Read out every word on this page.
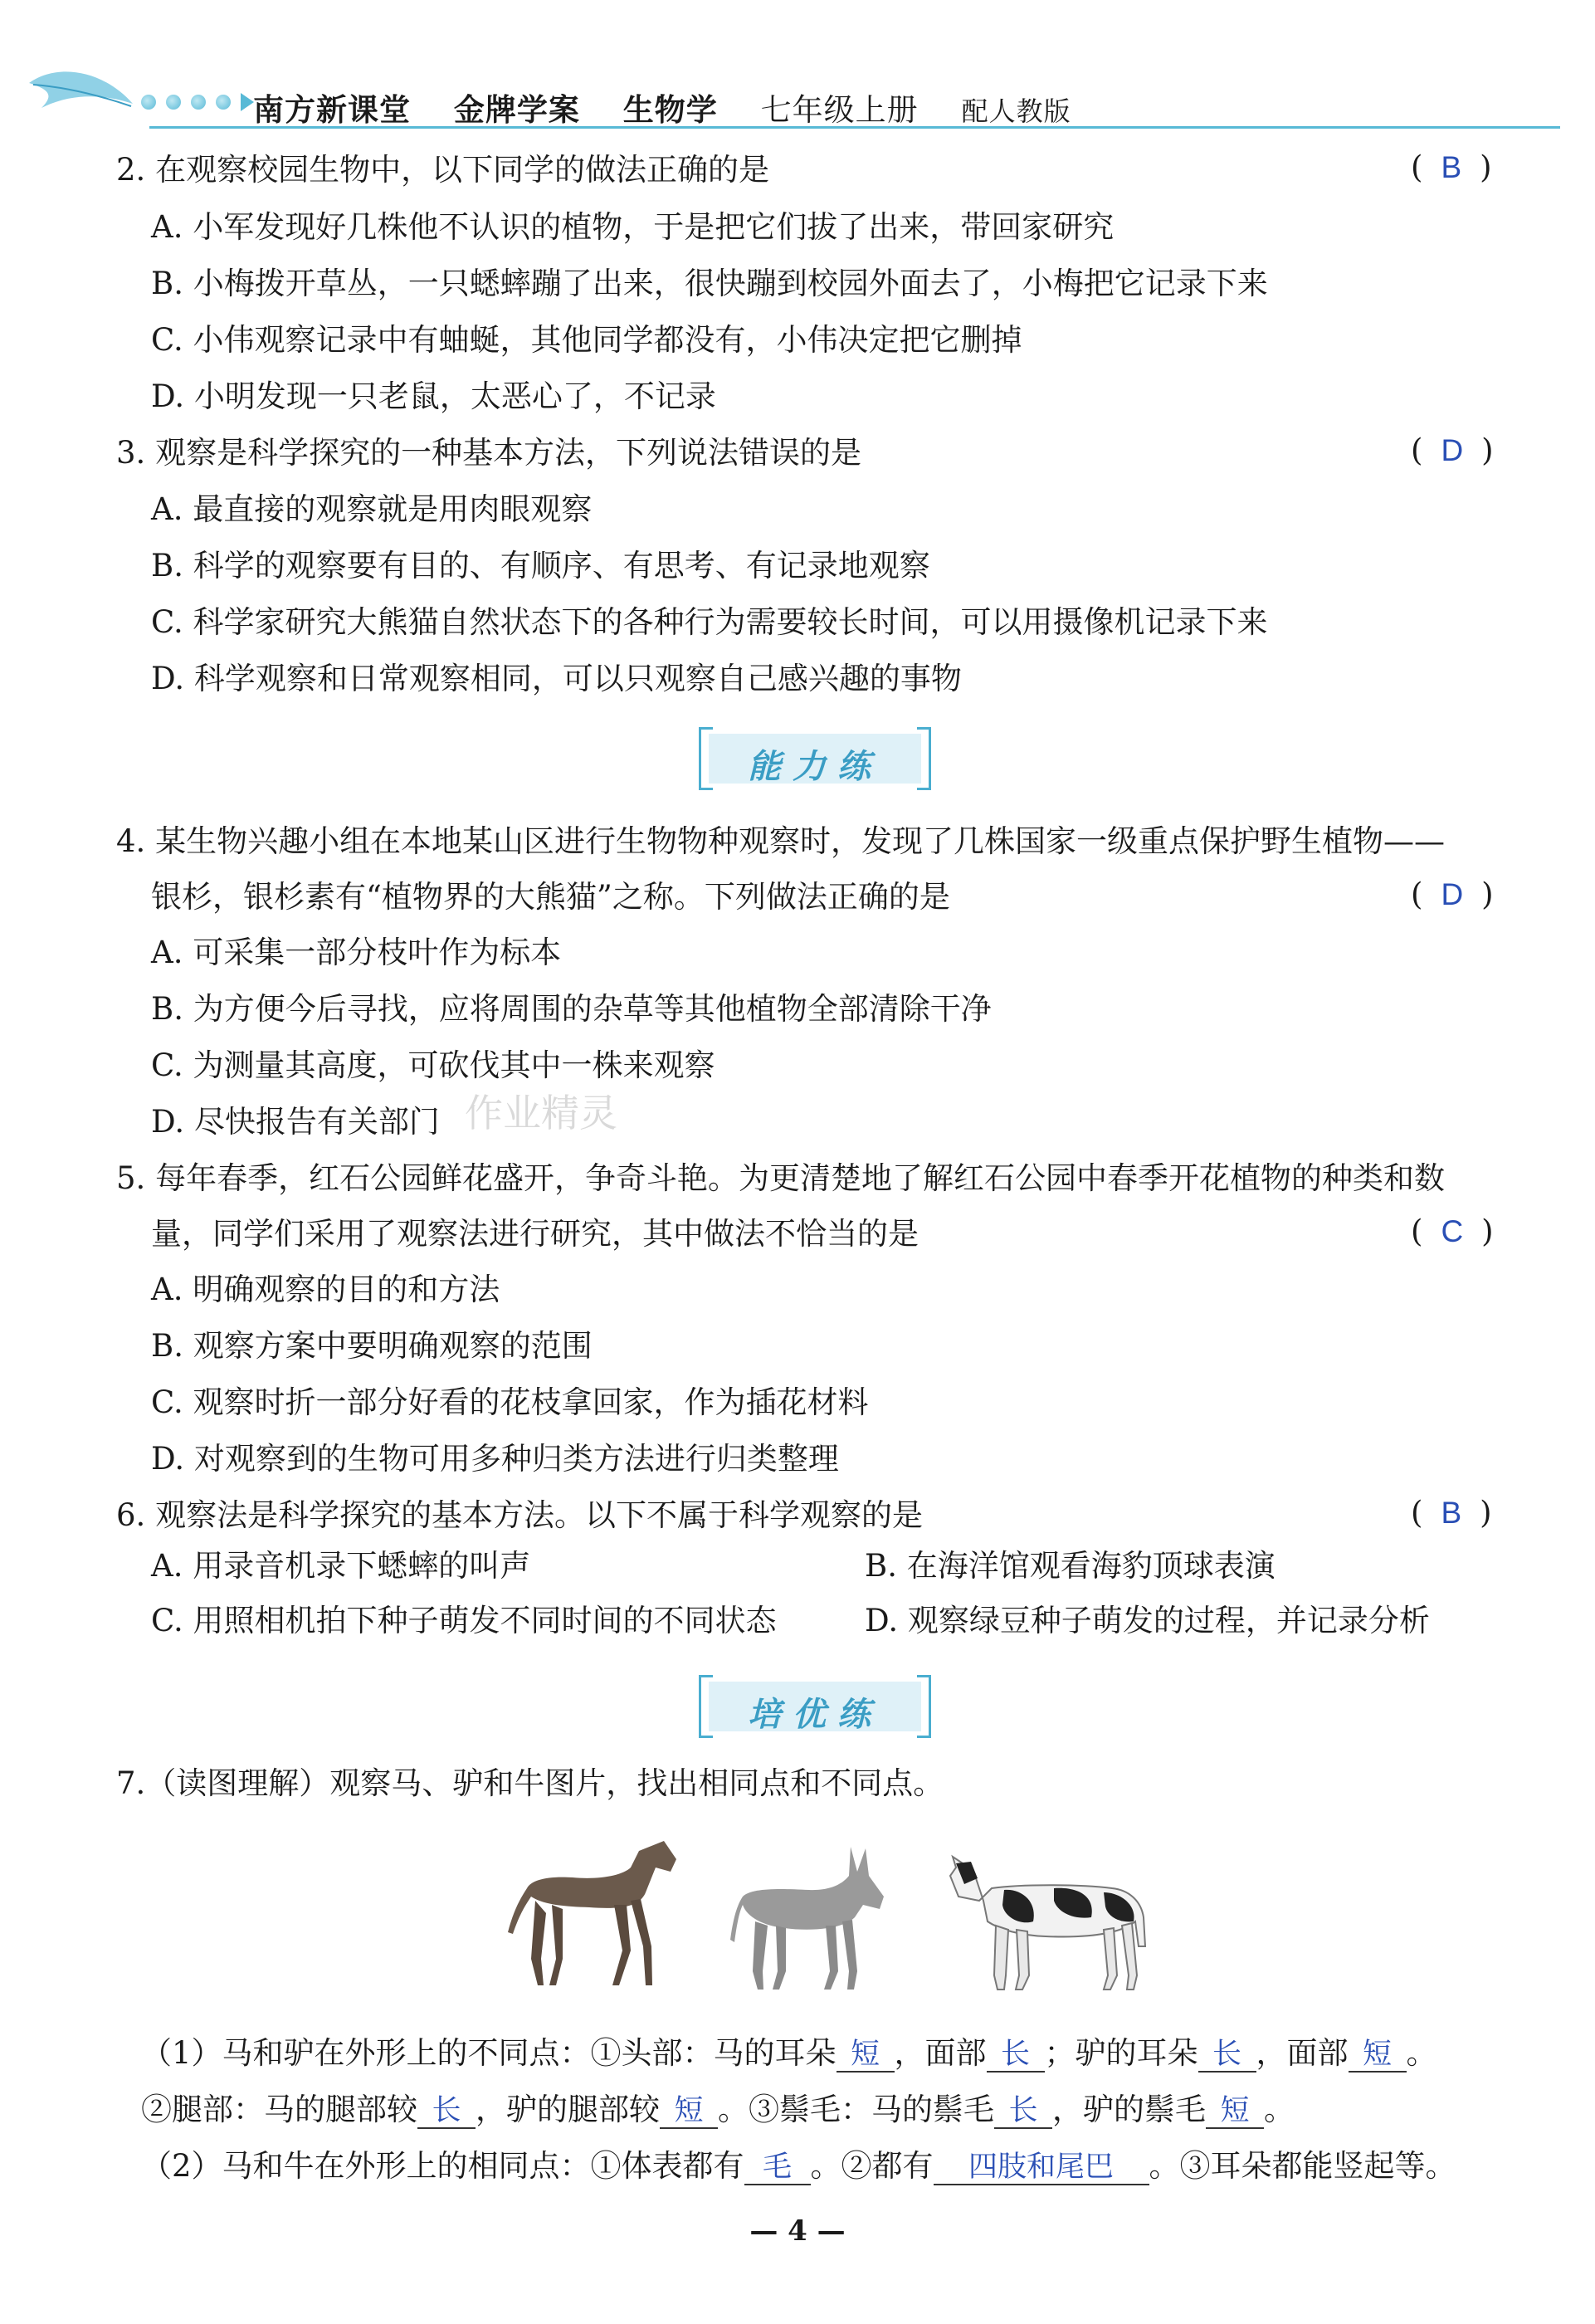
南方新课堂 金牌学案 生物学 七年级上册 配人教版
2. 在观察校园生物中，以下同学的做法正确的是	( B )
A. 小军发现好几株他不认识的植物，于是把它们拔了出来，带回家研究
B. 小梅拨开草丛，一只蟋蟀蹦了出来，很快蹦到校园外面去了，小梅把它记录下来
C. 小伟观察记录中有蚰蜒，其他同学都没有，小伟决定把它删掉
D. 小明发现一只老鼠，太恶心了，不记录
3. 观察是科学探究的一种基本方法，下列说法错误的是	( D )
A. 最直接的观察就是用肉眼观察
B. 科学的观察要有目的、有顺序、有思考、有记录地观察
C. 科学家研究大熊猫自然状态下的各种行为需要较长时间，可以用摄像机记录下来
D. 科学观察和日常观察相同，可以只观察自己感兴趣的事物
能力练
4. 某生物兴趣小组在本地某山区进行生物物种观察时，发现了几株国家一级重点保护野生植物——
银杉，银杉素有“植物界的大熊猫”之称。下列做法正确的是	( D )
A. 可采集一部分枝叶作为标本
B. 为方便今后寻找，应将周围的杂草等其他植物全部清除干净
C. 为测量其高度，可砍伐其中一株来观察
D. 尽快报告有关部门 作业精灵
5. 每年春季，红石公园鲜花盛开，争奇斗艳。为更清楚地了解红石公园中春季开花植物的种类和数
量，同学们采用了观察法进行研究，其中做法不恰当的是	( C )
A. 明确观察的目的和方法
B. 观察方案中要明确观察的范围
C. 观察时折一部分好看的花枝拿回家，作为插花材料
D. 对观察到的生物可用多种归类方法进行归类整理
6. 观察法是科学探究的基本方法。以下不属于科学观察的是	( B )
A. 用录音机录下蟋蟀的叫声	B. 在海洋馆观看海豹顶球表演
C. 用照相机拍下种子萌发不同时间的不同状态	D. 观察绿豆种子萌发的过程，并记录分析
培优练
7.（读图理解）观察马、驴和牛图片，找出相同点和不同点。
（1）马和驴在外形上的不同点：①头部：马的耳朵 短 ，面部 长 ；驴的耳朵 长 ，面部 短 。
②腿部：马的腿部较 长 ，驴的腿部较 短 。③鬃毛：马的鬃毛 长 ，驴的鬃毛 短 。
（2）马和牛在外形上的相同点：①体表都有 毛 。②都有 四肢和尾巴 。③耳朵都能竖起等。
— 4 —
